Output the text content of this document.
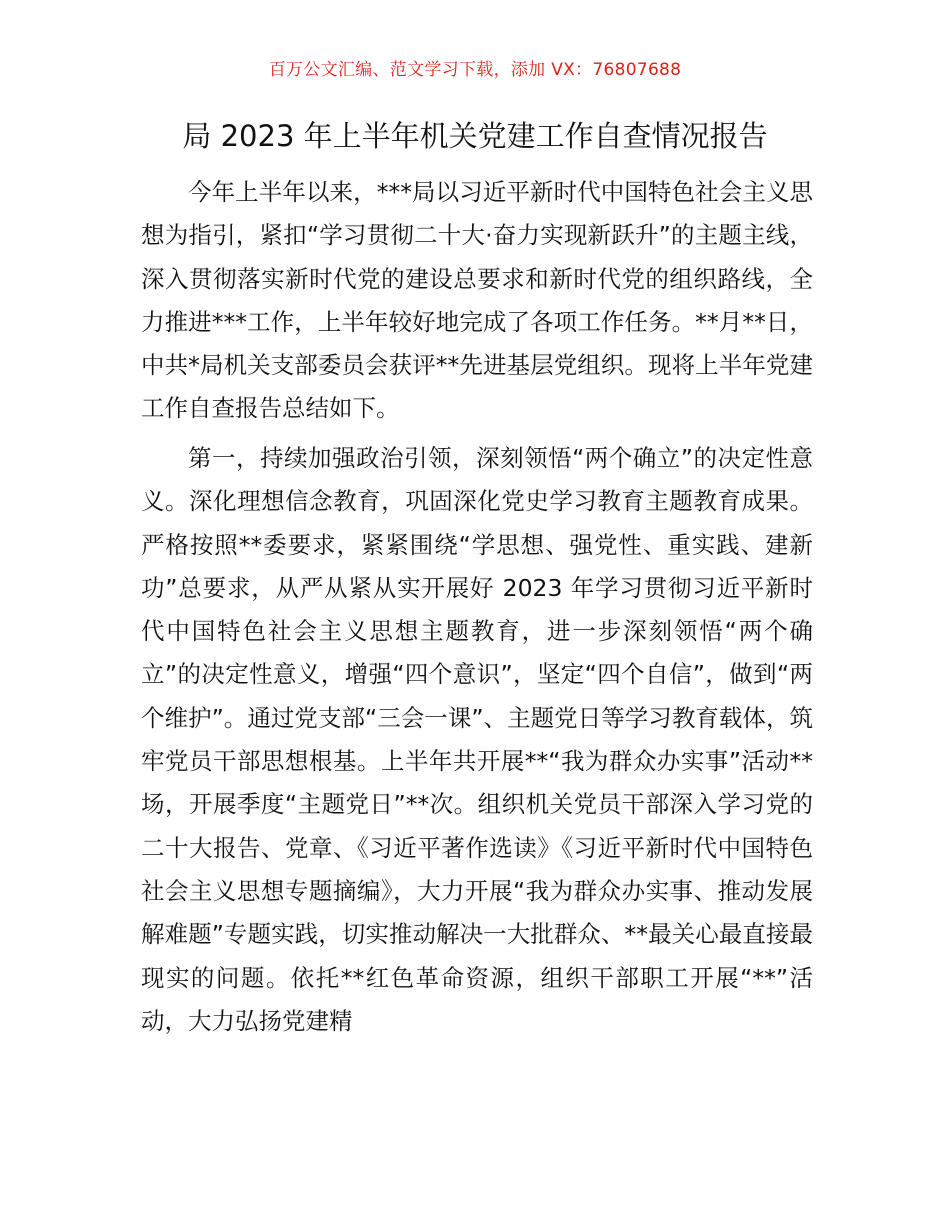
百万公文汇编、范文学习下载，添加 VX：76807688
局 2023 年上半年机关党建工作自查情况报告

今年上半年以来，***局以习近平新时代中国特色社会主义思想为指引，紧扣“学习贯彻二十大·奋力实现新跃升”的主题主线，深入贯彻落实新时代党的建设总要求和新时代党的组织路线，全力推进***工作，上半年较好地完成了各项工作任务。**月**日，中共*局机关支部委员会获评**先进基层党组织。现将上半年党建工作自查报告总结如下。

第一，持续加强政治引领，深刻领悟“两个确立”的决定性意义。深化理想信念教育，巩固深化党史学习教育主题教育成果。严格按照**委要求，紧紧围绕“学思想、强党性、重实践、建新功”总要求，从严从紧从实开展好 2023 年学习贯彻习近平新时代中国特色社会主义思想主题教育，进一步深刻领悟“两个确立”的决定性意义，增强“四个意识”，坚定“四个自信”，做到“两个维护”。通过党支部“三会一课”、主题党日等学习教育载体，筑牢党员干部思想根基。上半年共开展**“我为群众办实事”活动**场，开展季度“主题党日”**次。组织机关党员干部深入学习党的二十大报告、党章、《习近平著作选读》《习近平新时代中国特色社会主义思想专题摘编》，大力开展“我为群众办实事、推动发展解难题”专题实践，切实推动解决一大批群众、**最关心最直接最现实的问题。依托**红色革命资源，组织干部职工开展“**”活动，大力弘扬党建精
